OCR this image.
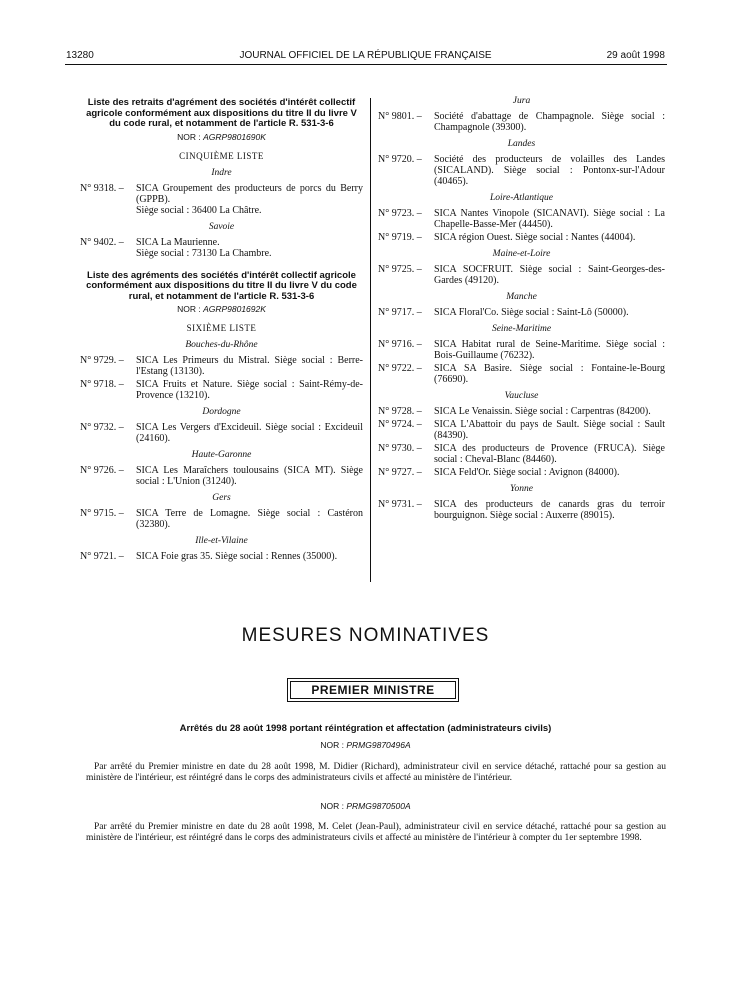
13280	JOURNAL OFFICIEL DE LA RÉPUBLIQUE FRANÇAISE	29 août 1998
Liste des retraits d'agrément des sociétés d'intérêt collectif agricole conformément aux dispositions du titre II du livre V du code rural, et notamment de l'article R. 531-3-6
NOR : AGRP9801690K
CINQUIÈME LISTE
Indre
N° 9318. –	SICA Groupement des producteurs de porcs du Berry (GPPB).
Siège social : 36400 La Châtre.
Savoie
N° 9402. –	SICA La Maurienne.
Siège social : 73130 La Chambre.
Liste des agréments des sociétés d'intérêt collectif agricole conformément aux dispositions du titre II du livre V du code rural, et notamment de l'article R. 531-3-6
NOR : AGRP9801692K
SIXIÈME LISTE
Bouches-du-Rhône
N° 9729. –	SICA Les Primeurs du Mistral. Siège social : Berre-l'Estang (13130).
N° 9718. –	SICA Fruits et Nature. Siège social : Saint-Rémy-de-Provence (13210).
Dordogne
N° 9732. –	SICA Les Vergers d'Excideuil. Siège social : Excideuil (24160).
Haute-Garonne
N° 9726. –	SICA Les Maraîchers toulousains (SICA MT). Siège social : L'Union (31240).
Gers
N° 9715. –	SICA Terre de Lomagne. Siège social : Castéron (32380).
Ille-et-Vilaine
N° 9721. –	SICA Foie gras 35. Siège social : Rennes (35000).
Jura
N° 9801. –	Société d'abattage de Champagnole. Siège social : Champagnole (39300).
Landes
N° 9720. –	Société des producteurs de volailles des Landes (SICALAND). Siège social : Pontonx-sur-l'Adour (40465).
Loire-Atlantique
N° 9723. –	SICA Nantes Vinopole (SICANAVI). Siège social : La Chapelle-Basse-Mer (44450).
N° 9719. –	SICA région Ouest. Siège social : Nantes (44004).
Maine-et-Loire
N° 9725. –	SICA SOCFRUIT. Siège social : Saint-Georges-des-Gardes (49120).
Manche
N° 9717. –	SICA Floral'Co. Siège social : Saint-Lô (50000).
Seine-Maritime
N° 9716. –	SICA Habitat rural de Seine-Maritime. Siège social : Bois-Guillaume (76232).
N° 9722. –	SICA SA Basire. Siège social : Fontaine-le-Bourg (76690).
Vaucluse
N° 9728. –	SICA Le Venaissin. Siège social : Carpentras (84200).
N° 9724. –	SICA L'Abattoir du pays de Sault. Siège social : Sault (84390).
N° 9730. –	SICA des producteurs de Provence (FRUCA). Siège social : Cheval-Blanc (84460).
N° 9727. –	SICA Feld'Or. Siège social : Avignon (84000).
Yonne
N° 9731. –	SICA des producteurs de canards gras du terroir bourguignon. Siège social : Auxerre (89015).
MESURES NOMINATIVES
PREMIER MINISTRE
Arrêtés du 28 août 1998 portant réintégration et affectation (administrateurs civils)
NOR : PRMG9870496A
Par arrêté du Premier ministre en date du 28 août 1998, M. Didier (Richard), administrateur civil en service détaché, rattaché pour sa gestion au ministère de l'intérieur, est réintégré dans le corps des administrateurs civils et affecté au ministère de l'intérieur.
NOR : PRMG9870500A
Par arrêté du Premier ministre en date du 28 août 1998, M. Celet (Jean-Paul), administrateur civil en service détaché, rattaché pour sa gestion au ministère de l'intérieur, est réintégré dans le corps des administrateurs civils et affecté au ministère de l'intérieur à compter du 1er septembre 1998.
